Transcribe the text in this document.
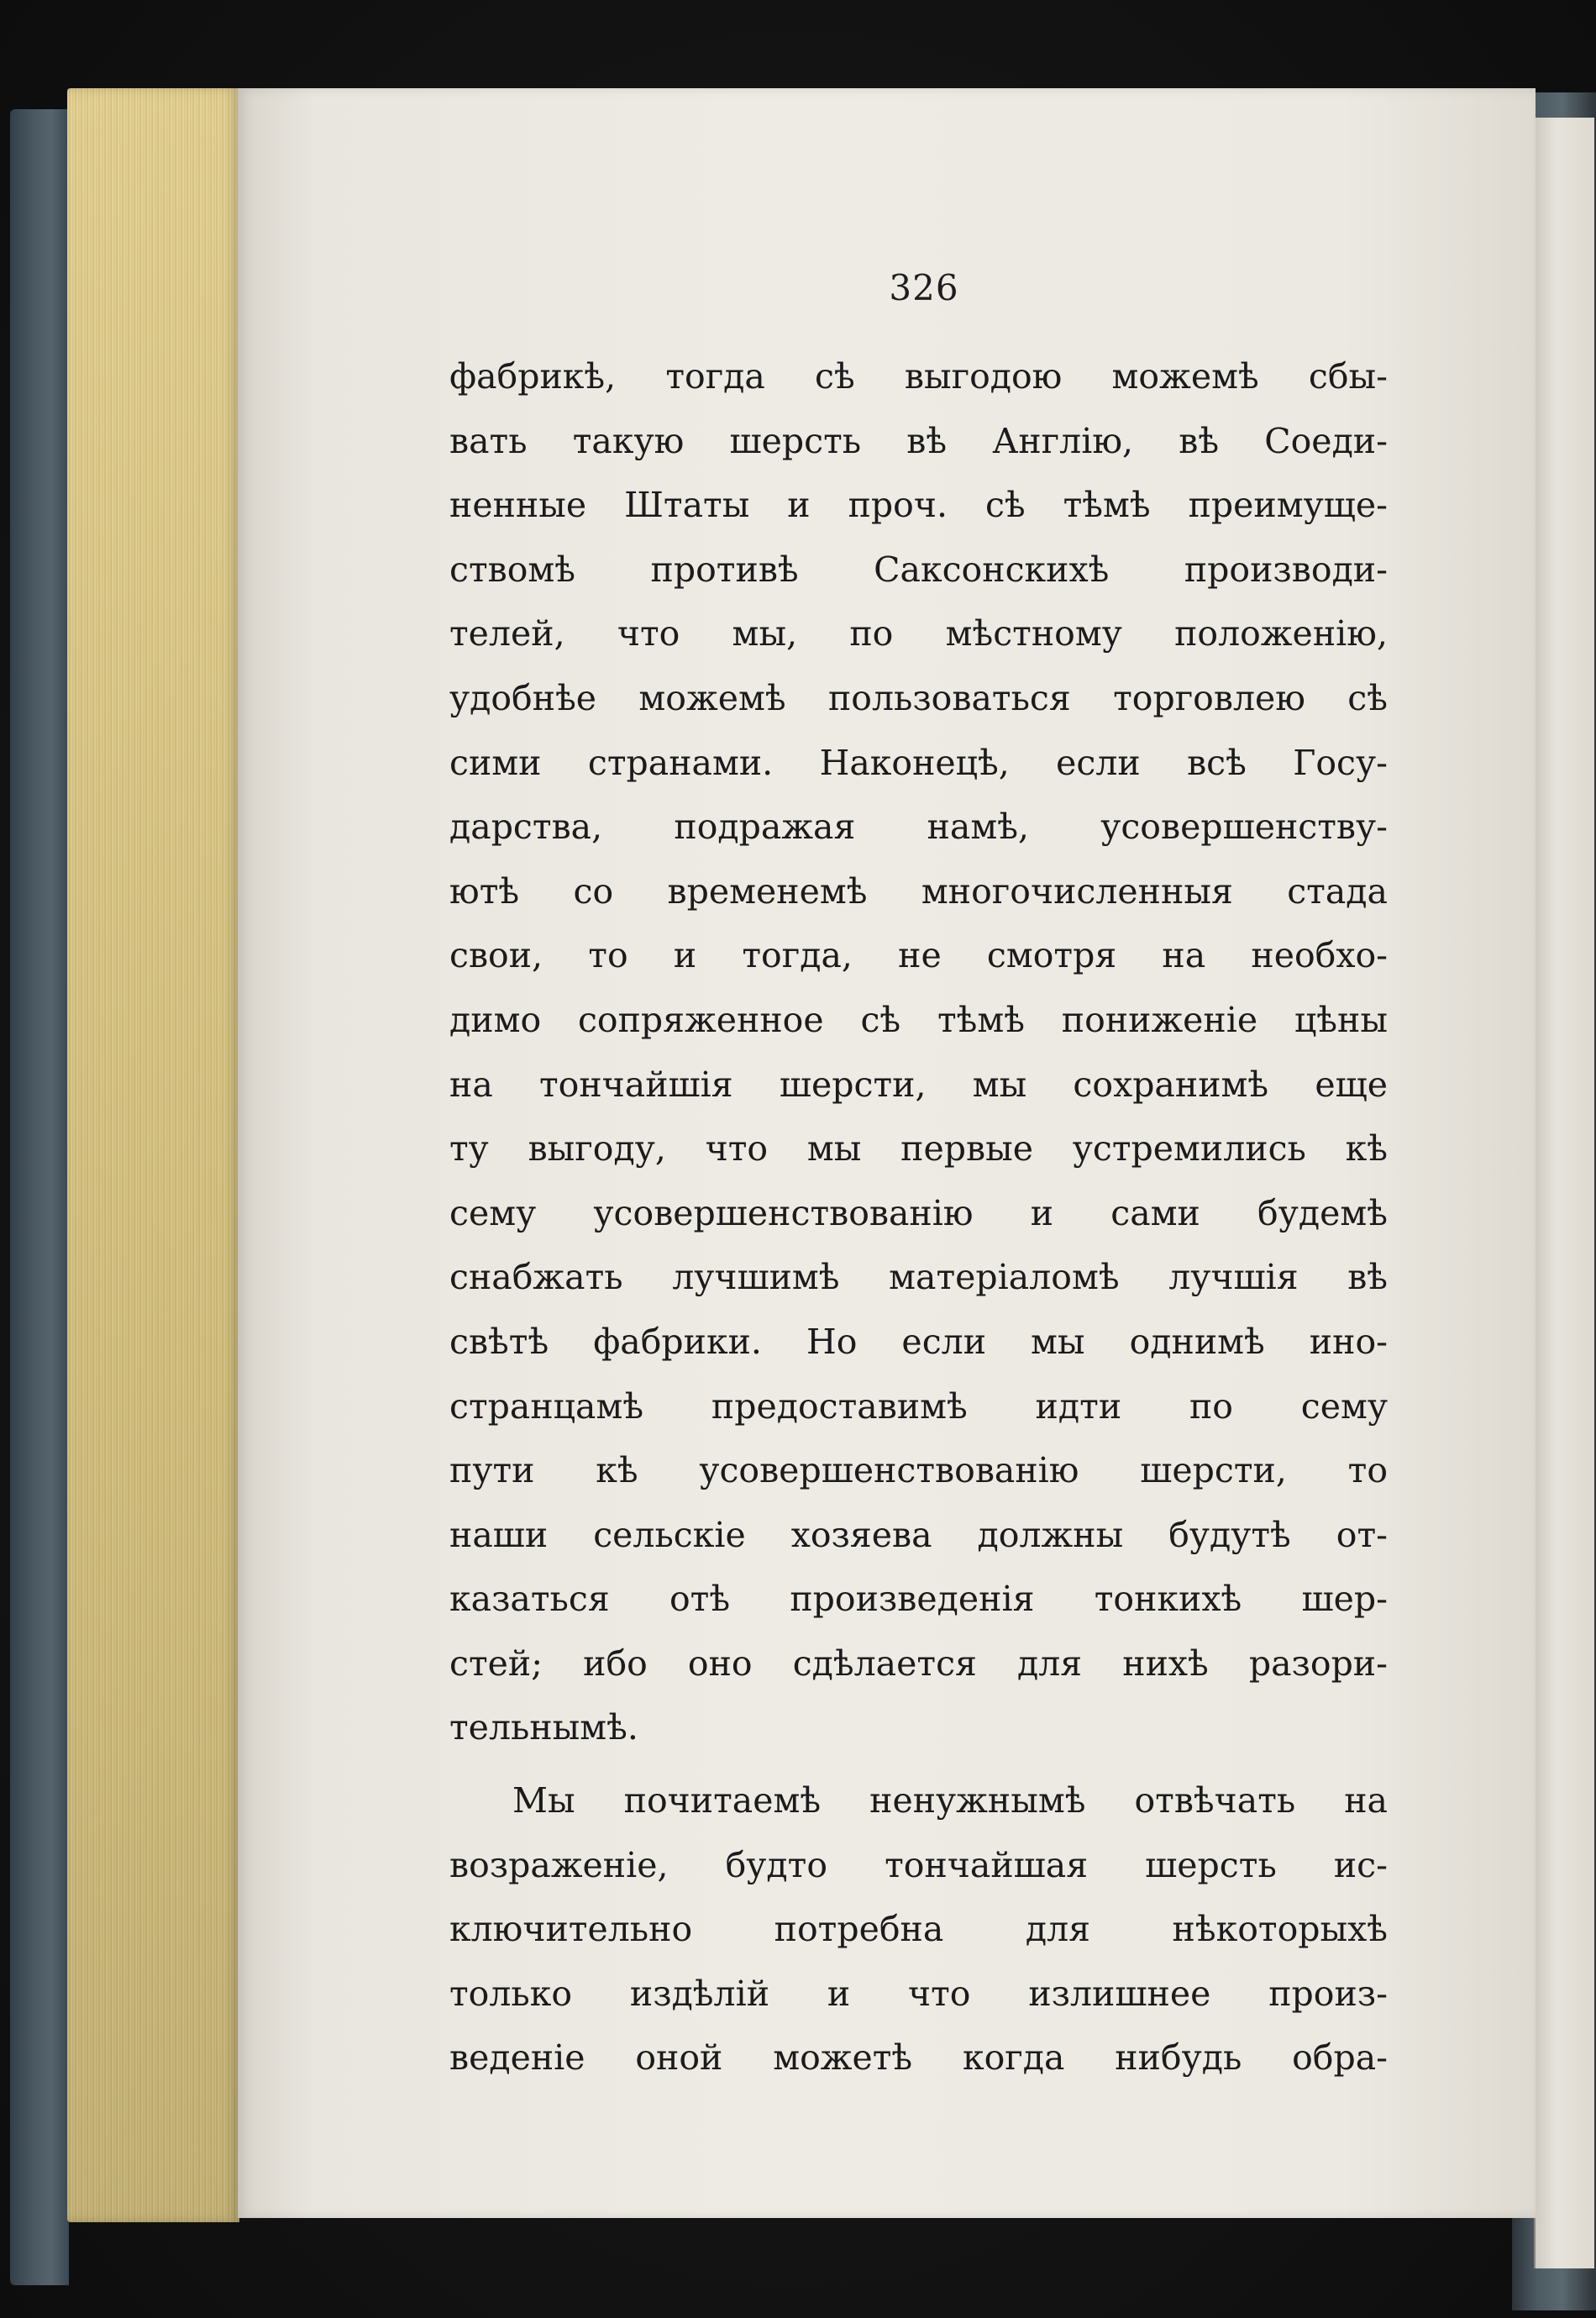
326

фабрикѣ, тогда сѣ выгодою можемѣ сбы-
вать такую шерсть вѣ Англію, вѣ Соеди-
ненные Штаты и проч. сѣ тѣмѣ преимуще-
ствомѣ противѣ Саксонскихѣ производи-
телей, что мы, по мѣстному положенію,
удобнѣе можемѣ пользоваться торговлею сѣ
сими странами. Наконецѣ, если всѣ Госу-
дарства, подражая намѣ, усовершенству-
ютѣ со временемѣ многочисленныя стада
свои, то и тогда, не смотря на необхо-
димо сопряженное сѣ тѣмѣ пониженіе цѣны
на тончайшія шерсти, мы сохранимѣ еще
ту выгоду, что мы первые устремились кѣ
сему усовершенствованію и сами будемѣ
снабжать лучшимѣ матеріаломѣ лучшія вѣ
свѣтѣ фабрики. Но если мы однимѣ ино-
странцамѣ предоставимѣ идти по сему
пути кѣ усовершенствованію шерсти, то
наши сельскіе хозяева должны будутѣ от-
казаться отѣ произведенія тонкихѣ шер-
стей; ибо оно сдѣлается для нихѣ разори-
тельнымѣ.
Мы почитаемѣ ненужнымѣ отвѣчать на
возраженіе, будто тончайшая шерсть ис-
ключительно потребна для нѣкоторыхѣ
только издѣлій и что излишнее произ-
веденіе оной можетѣ когда нибудь обра-
